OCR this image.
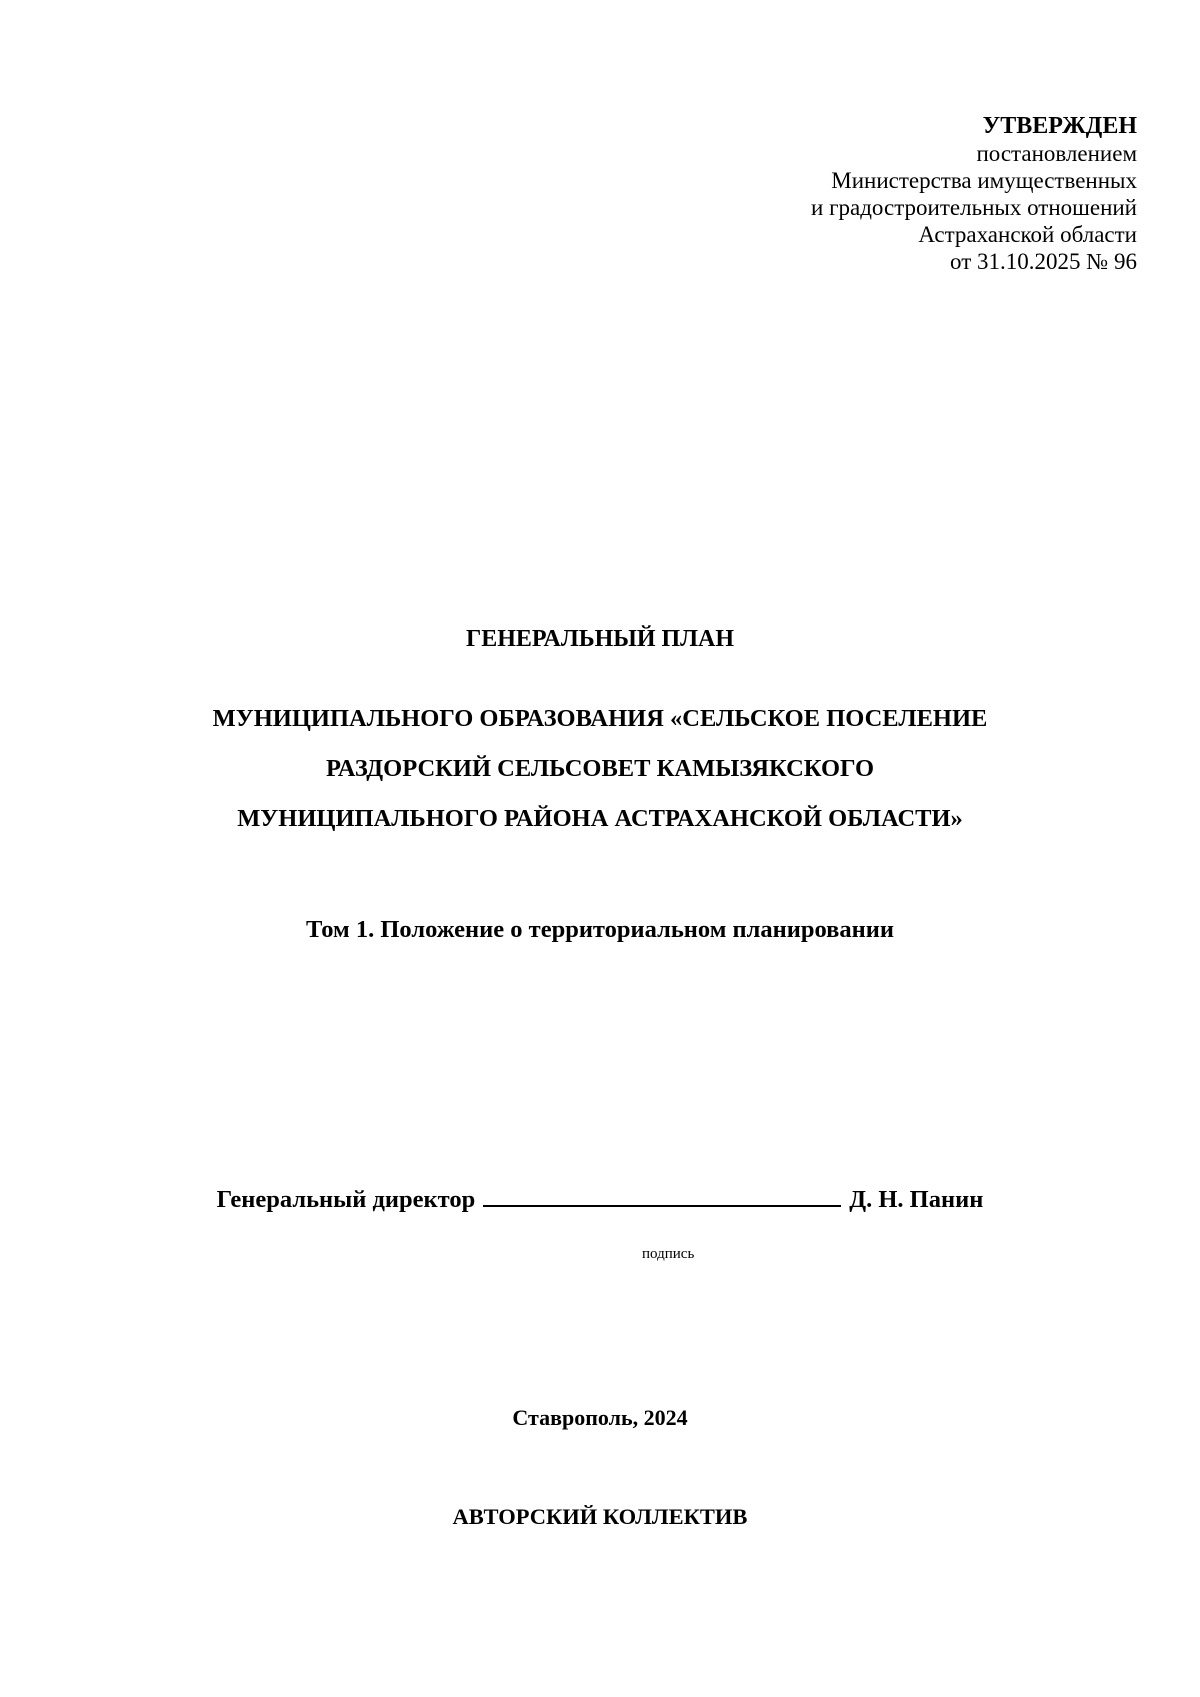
УТВЕРЖДЕН
постановлением
Министерства имущественных
и градостроительных отношений
Астраханской области
от 31.10.2025 № 96
ГЕНЕРАЛЬНЫЙ ПЛАН
МУНИЦИПАЛЬНОГО ОБРАЗОВАНИЯ «СЕЛЬСКОЕ ПОСЕЛЕНИЕ
РАЗДОРСКИЙ СЕЛЬСОВЕТ КАМЫЗЯКСКОГО
МУНИЦИПАЛЬНОГО РАЙОНА АСТРАХАНСКОЙ ОБЛАСТИ»
Том 1. Положение о территориальном планировании
Генеральный директор	Д. Н. Панин
подпись
Ставрополь, 2024
АВТОРСКИЙ КОЛЛЕКТИВ
